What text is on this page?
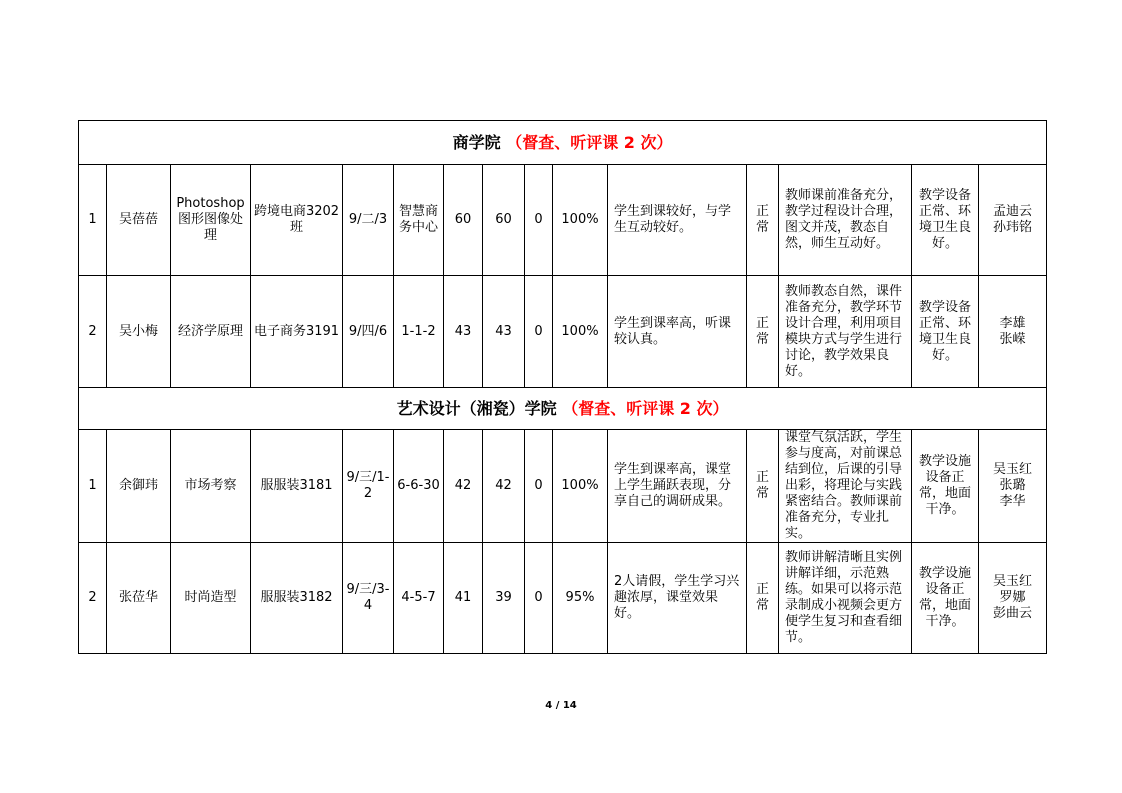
商学院 （督查、听评课 2 次）														
1	吴蓓蓓	Photoshop图形图像处理	跨境电商3202班	9/二/3	智慧商务中心	60	60	0	100%	学生到课较好，与学生互动较好。	正常	教师课前准备充分，教学过程设计合理，图文并茂，教态自然，师生互动好。	教学设备正常、环境卫生良好。	孟迪云
孙玮铭
2	吴小梅	经济学原理	电子商务3191	9/四/6	1-1-2	43	43	0	100%	学生到课率高，听课较认真。	正常	教师教态自然，课件准备充分，教学环节设计合理，利用项目模块方式与学生进行讨论，教学效果良好。	教学设备正常、环境卫生良好。	李雄
张嵘
艺术设计（湘瓷）学院 （督查、听评课 2 次）														
1	余御玮	市场考察	服服装3181	9/三/1-2	6-6-30	42	42	0	100%	学生到课率高，课堂上学生踊跃表现，分享自己的调研成果。	正常	课堂气氛活跃，学生参与度高，对前课总结到位，后课的引导出彩，将理论与实践紧密结合。教师课前准备充分，专业扎实。	教学设施设备正常，地面干净。	吴玉红
张璐
李华
2	张莅华	时尚造型	服服装3182	9/三/3-4	4-5-7	41	39	0	95%	2人请假，学生学习兴趣浓厚，课堂效果好。	正常	教师讲解清晰且实例讲解详细，示范熟练。如果可以将示范录制成小视频会更方便学生复习和查看细节。	教学设施设备正常，地面干净。	吴玉红
罗娜
彭曲云
4 / 14
